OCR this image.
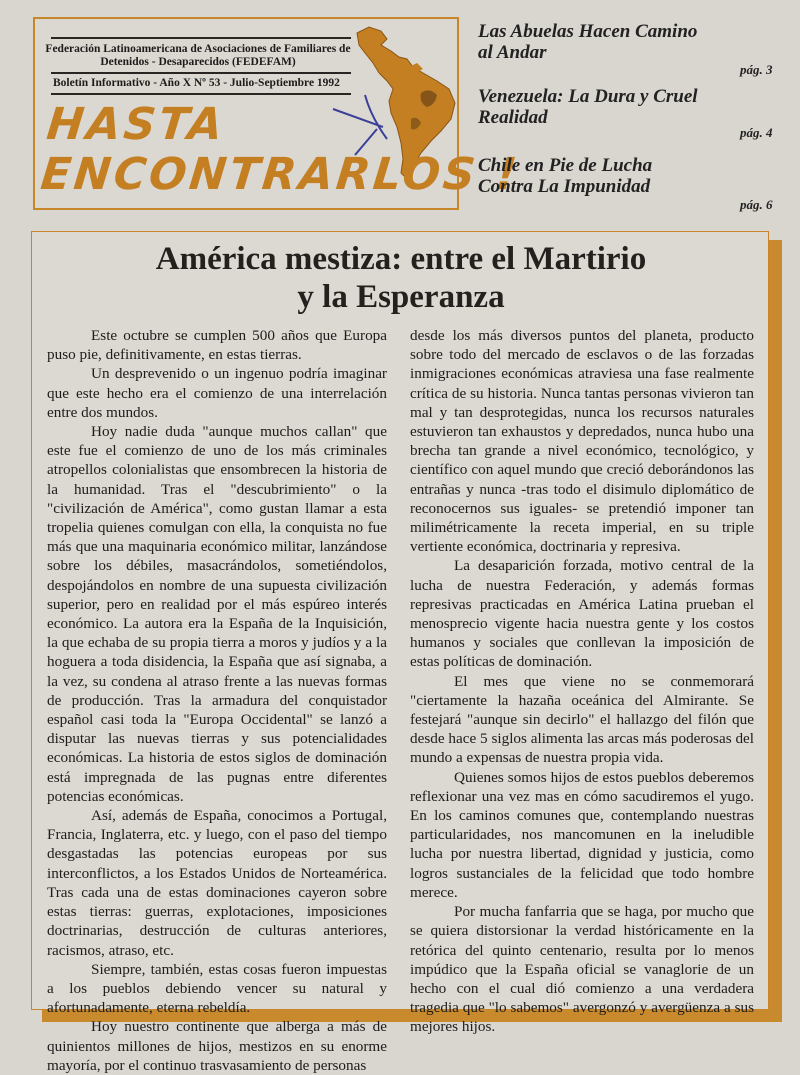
Federación Latinoamericana de Asociaciones de Familiares de Detenidos - Desaparecidos (FEDEFAM)
Boletín Informativo - Año X Nº 53 - Julio-Septiembre 1992
HASTA
ENCONTRARLOS !
Las Abuelas Hacen Camino
al Andar
pág. 3
Venezuela: La Dura y Cruel
Realidad
pág. 4
Chile en Pie de Lucha
Contra La Impunidad
pág. 6
América mestiza: entre el Martirio
y la Esperanza

Este octubre se cumplen 500 años que Europa puso pie, definitivamente, en estas tierras.

Un desprevenido o un ingenuo podría imaginar que este hecho era el comienzo de una interrelación entre dos mundos.

Hoy nadie duda "aunque muchos callan" que este fue el comienzo de uno de los más criminales atropellos colonialistas que ensombrecen la historia de la humanidad. Tras el "descubrimiento" o la "civilización de América", como gustan llamar a esta tropelia quienes comulgan con ella, la conquista no fue más que una maquinaria económico militar, lanzándose sobre los débiles, masacrándolos, sometiéndolos, despojándolos en nombre de una supuesta civilización superior, pero en realidad por el más espúreo interés económico. La autora era la España de la Inquisición, la que echaba de su propia tierra a moros y judíos y a la hoguera a toda disidencia, la España que así signaba, a la vez, su condena al atraso frente a las nuevas formas de producción. Tras la armadura del conquistador español casi toda la "Europa Occidental" se lanzó a disputar las nuevas tierras y sus potencialidades económicas. La historia de estos siglos de dominación está impregnada de las pugnas entre diferentes potencias económicas.

Así, además de España, conocimos a Portugal, Francia, Inglaterra, etc. y luego, con el paso del tiempo desgastadas las potencias europeas por sus interconflictos, a los Estados Unidos de Norteamérica. Tras cada una de estas dominaciones cayeron sobre estas tierras: guerras, explotaciones, imposiciones doctrinarias, destrucción de culturas anteriores, racismos, atraso, etc.

Siempre, también, estas cosas fueron impuestas a los pueblos debiendo vencer su natural y afortunadamente, eterna rebeldía.

Hoy nuestro continente que alberga a más de quinientos millones de hijos, mestizos en su enorme mayoría, por el continuo trasvasamiento de personas

desde los más diversos puntos del planeta, producto sobre todo del mercado de esclavos o de las forzadas inmigraciones económicas atraviesa una fase realmente crítica de su historia. Nunca tantas personas vivieron tan mal y tan desprotegidas, nunca los recursos naturales estuvieron tan exhaustos y depredados, nunca hubo una brecha tan grande a nivel económico, tecnológico, y científico con aquel mundo que creció deborándonos las entrañas y nunca -tras todo el disimulo diplomático de reconocernos sus iguales- se pretendió imponer tan milimétricamente la receta imperial, en su triple vertiente económica, doctrinaria y represiva.

La desaparición forzada, motivo central de la lucha de nuestra Federación, y además formas represivas practicadas en América Latina prueban el menosprecio vigente hacia nuestra gente y los costos humanos y sociales que conllevan la imposición de estas políticas de dominación.

El mes que viene no se conmemorará "ciertamente la hazaña oceánica del Almirante. Se festejará "aunque sin decirlo" el hallazgo del filón que desde hace 5 siglos alimenta las arcas más poderosas del mundo a expensas de nuestra propia vida.

Quienes somos hijos de estos pueblos deberemos reflexionar una vez mas en cómo sacudiremos el yugo. En los caminos comunes que, contemplando nuestras particularidades, nos mancomunen en la ineludible lucha por nuestra libertad, dignidad y justicia, como logros sustanciales de la felicidad que todo hombre merece.

Por mucha fanfarria que se haga, por mucho que se quiera distorsionar la verdad históricamente en la retórica del quinto centenario, resulta por lo menos impúdico que la España oficial se vanaglorie de un hecho con el cual dió comienzo a una verdadera tragedia que "lo sabemos" avergonzó y avergüenza a sus mejores hijos.
